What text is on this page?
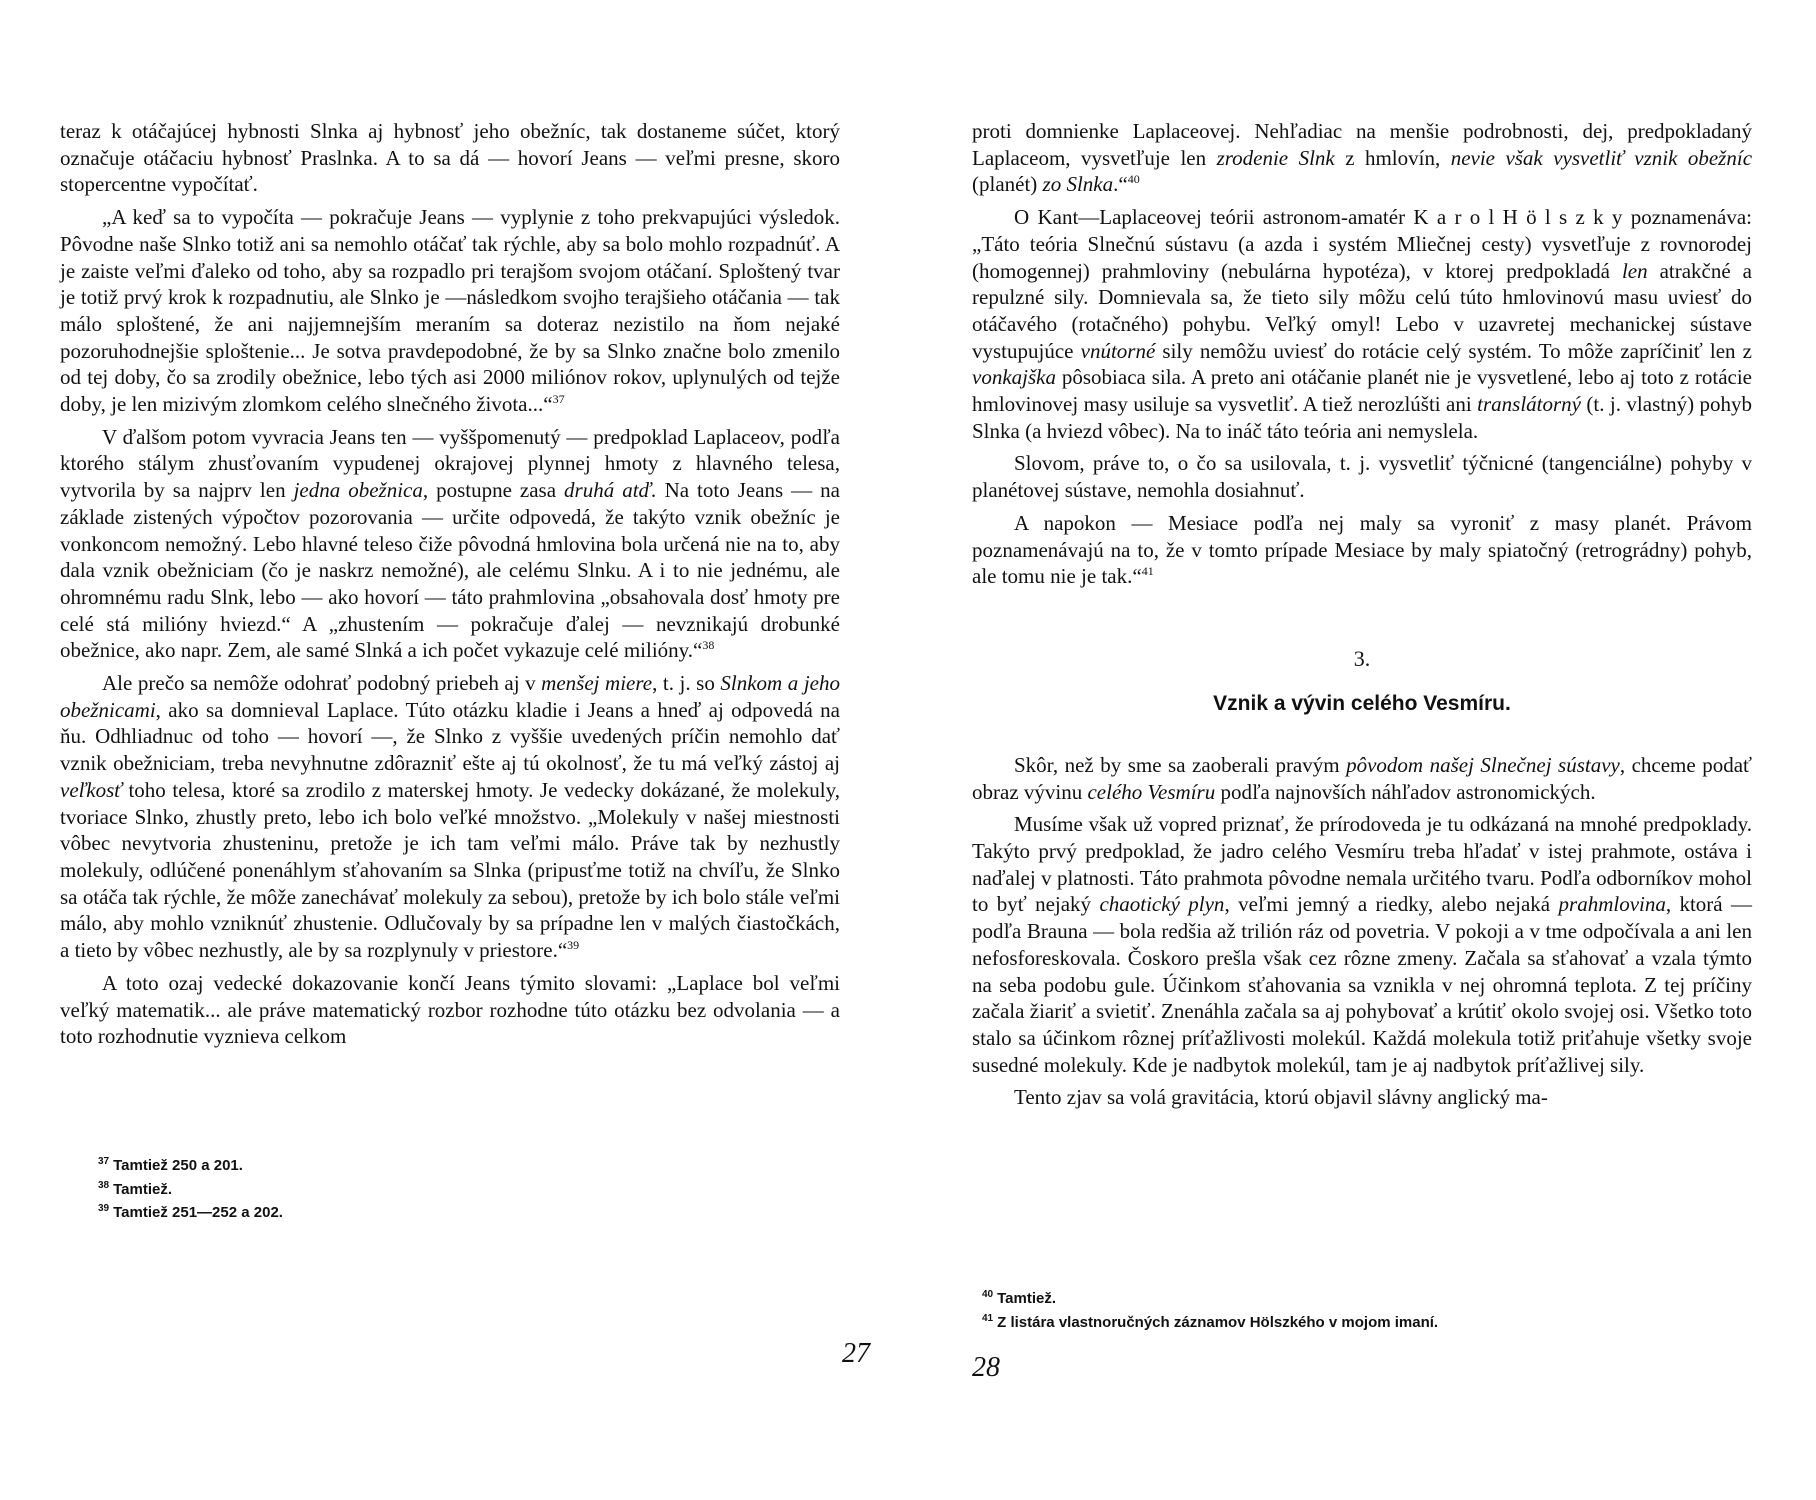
teraz k otáčajúcej hybnosti Slnka aj hybnosť jeho obežníc, tak dostaneme súčet, ktorý označuje otáčaciu hybnosť Praslnka. A to sa dá — hovorí Jeans — veľmi presne, skoro stopercentne vypočítať.

„A keď sa to vypočíta — pokračuje Jeans — vyplynie z toho prekvapujúci výsledok. Pôvodne naše Slnko totiž ani sa nemohlo otáčať tak rýchle, aby sa bolo mohlo rozpadnúť. A je zaiste veľmi ďaleko od toho, aby sa rozpadlo pri terajšom svojom otáčaní. Sploštený tvar je totiž prvý krok k rozpadnutiu, ale Slnko je —následkom svojho terajšieho otáčania — tak málo sploštené, že ani najjemnejším meraním sa doteraz nezistilo na ňom nejaké pozoruhodnejšie sploštenie... Je sotva pravdepodobné, že by sa Slnko značne bolo zmenilo od tej doby, čo sa zrodily obežnice, lebo tých asi 2000 miliónov rokov, uplynulých od tejže doby, je len mizivým zlomkom celého slnečného života...“$^{37}$

V ďalšom potom vyvracia Jeans ten — vyššpomenutý — predpoklad Laplaceov, podľa ktorého stálym zhusťovaním vypudenej okrajovej plynnej hmoty z hlavného telesa, vytvorila by sa najprv len jedna obežnica, postupne zasa druhá atď. Na toto Jeans — na základe zistených výpočtov pozorovania — určite odpovedá, že takýto vznik obežníc je vonkoncom nemožný. Lebo hlavné teleso čiže pôvodná hmlovina bola určená nie na to, aby dala vznik obežniciam (čo je naskrz nemožné), ale celému Slnku. A i to nie jednému, ale ohromnému radu Slnk, lebo — ako hovorí — táto prahmlovina „obsahovala dosť hmoty pre celé stá milióny hviezd.“ A „zhustením — pokračuje ďalej — nevznikajú drobunké obežnice, ako napr. Zem, ale samé Slnká a ich počet vykazuje celé milióny.“$^{38}$

Ale prečo sa nemôže odohrať podobný priebeh aj v menšej miere, t. j. so Slnkom a jeho obežnicami, ako sa domnieval Laplace. Túto otázku kladie i Jeans a hneď aj odpovedá na ňu. Odhliadnuc od toho — hovorí —, že Slnko z vyššie uvedených príčin nemohlo dať vznik obežniciam, treba nevyhnutne zdôrazniť ešte aj tú okolnosť, že tu má veľký zástoj aj veľkosť toho telesa, ktoré sa zrodilo z materskej hmoty. Je vedecky dokázané, že molekuly, tvoriace Slnko, zhustly preto, lebo ich bolo veľké množstvo. „Molekuly v našej miestnosti vôbec nevytvoria zhusteninu, pretože je ich tam veľmi málo. Práve tak by nezhustly molekuly, odlúčené ponenáhlym sťahovaním sa Slnka (pripusťme totiž na chvíľu, že Slnko sa otáča tak rýchle, že môže zanechávať molekuly za sebou), pretože by ich bolo stále veľmi málo, aby mohlo vzniknúť zhustenie. Odlučovaly by sa prípadne len v malých čiastočkách, a tieto by vôbec nezhustly, ale by sa rozplynuly v priestore.“$^{39}$

A toto ozaj vedecké dokazovanie končí Jeans týmito slovami: „Laplace bol veľmi veľký matematik... ale práve matematický rozbor rozhodne túto otázku bez odvolania — a toto rozhodnutie vyznieva celkom

$^{37}$ Tamtiež 250 a 201.

$^{38}$ Tamtiež.

$^{39}$ Tamtiež 251—252 a 202.

27

proti domnienke Laplaceovej. Nehľadiac na menšie podrobnosti, dej, predpokladaný Laplaceom, vysvetľuje len zrodenie Slnk z hmlovín, nevie však vysvetliť vznik obežníc (planét) zo Slnka.“$^{40}$

O Kant—Laplaceovej teórii astronom-amatér K a r o l H ö l s z k y poznamenáva: „Táto teória Slnečnú sústavu (a azda i systém Mliečnej cesty) vysvetľuje z rovnorodej (homogennej) prahmloviny (nebulárna hypotéza), v ktorej predpokladá len atrakčné a repulzné sily. Domnievala sa, že tieto sily môžu celú túto hmlovinovú masu uviesť do otáčavého (rotačného) pohybu. Veľký omyl! Lebo v uzavretej mechanickej sústave vystupujúce vnútorné sily nemôžu uviesť do rotácie celý systém. To môže zapríčiniť len z vonkajška pôsobiaca sila. A preto ani otáčanie planét nie je vysvetlené, lebo aj toto z rotácie hmlovinovej masy usiluje sa vysvetliť. A tiež nerozlúšti ani translátorný (t. j. vlastný) pohyb Slnka (a hviezd vôbec). Na to ináč táto teória ani nemyslela.

Slovom, práve to, o čo sa usilovala, t. j. vysvetliť týčnicné (tangenciálne) pohyby v planétovej sústave, nemohla dosiahnuť.

A napokon — Mesiace podľa nej maly sa vyroniť z masy planét. Právom poznamenávajú na to, že v tomto prípade Mesiace by maly spiatočný (retrográdny) pohyb, ale tomu nie je tak.“$^{41}$

3.
Vznik a vývin celého Vesmíru.

Skôr, než by sme sa zaoberali pravým pôvodom našej Slnečnej sústavy, chceme podať obraz vývinu celého Vesmíru podľa najnovších náhľadov astronomických.

Musíme však už vopred priznať, že prírodoveda je tu odkázaná na mnohé predpoklady. Takýto prvý predpoklad, že jadro celého Vesmíru treba hľadať v istej prahmote, ostáva i naďalej v platnosti. Táto prahmota pôvodne nemala určitého tvaru. Podľa odborníkov mohol to byť nejaký chaotický plyn, veľmi jemný a riedky, alebo nejaká prahmlovina, ktorá — podľa Brauna — bola redšia až trilión ráz od povetria. V pokoji a v tme odpočívala a ani len nefosforeskovala. Čoskoro prešla však cez rôzne zmeny. Začala sa sťahovať a vzala týmto na seba podobu gule. Účinkom sťahovania sa vznikla v nej ohromná teplota. Z tej príčiny začala žiariť a svietiť. Znenáhla začala sa aj pohybovať a krútiť okolo svojej osi. Všetko toto stalo sa účinkom rôznej príťažlivosti molekúl. Každá molekula totiž priťahuje všetky svoje susedné molekuly. Kde je nadbytok molekúl, tam je aj nadbytok príťažlivej sily.

Tento zjav sa volá gravitácia, ktorú objavil slávny anglický ma-

$^{40}$ Tamtiež.

$^{41}$ Z listára vlastnoručných záznamov Hölszkého v mojom imaní.

28
